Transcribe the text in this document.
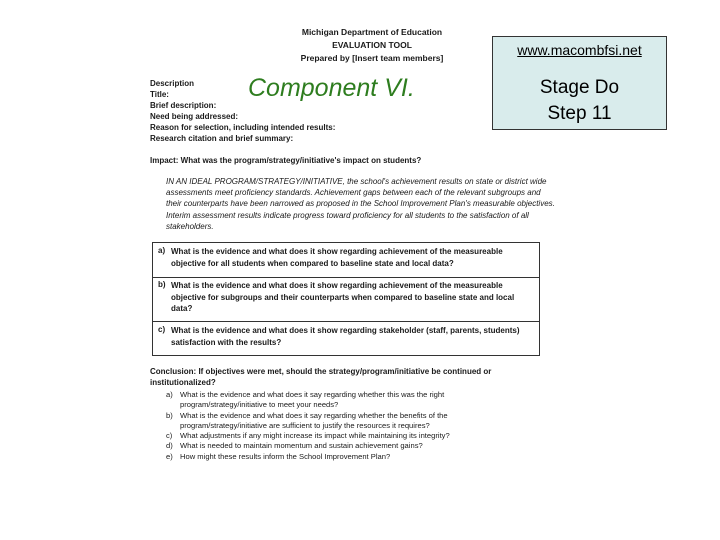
Michigan Department of Education
EVALUATION TOOL
Prepared by [Insert team members]
Description
Title:
Brief description:
Need being addressed:
Reason for selection, including intended results:
Research citation and brief summary:
Component VI.
www.macombfsi.net
Stage Do
Step 11
Impact: What was the program/strategy/initiative's impact on students?
IN AN IDEAL PROGRAM/STRATEGY/INITIATIVE, the school's achievement results on state or district wide assessments meet proficiency standards. Achievement gaps between each of the relevant subgroups and their counterparts have been narrowed as proposed in the School Improvement Plan's measurable objectives. Interim assessment results indicate progress toward proficiency for all students to the satisfaction of all stakeholders.
a) What is the evidence and what does it show regarding achievement of the measureable objective for all students when compared to baseline state and local data?
b) What is the evidence and what does it show regarding achievement of the measureable objective for subgroups and their counterparts when compared to baseline state and local data?
c) What is the evidence and what does it show regarding stakeholder (staff, parents, students) satisfaction with the results?
Conclusion: If objectives were met, should the strategy/program/initiative be continued or institutionalized?
a) What is the evidence and what does it say regarding whether this was the right program/strategy/initiative to meet your needs?
b) What is the evidence and what does it say regarding whether the benefits of the program/strategy/initiative are sufficient to justify the resources it requires?
c) What adjustments if any might increase its impact while maintaining its integrity?
d) What is needed to maintain momentum and sustain achievement gains?
e) How might these results inform the School Improvement Plan?
